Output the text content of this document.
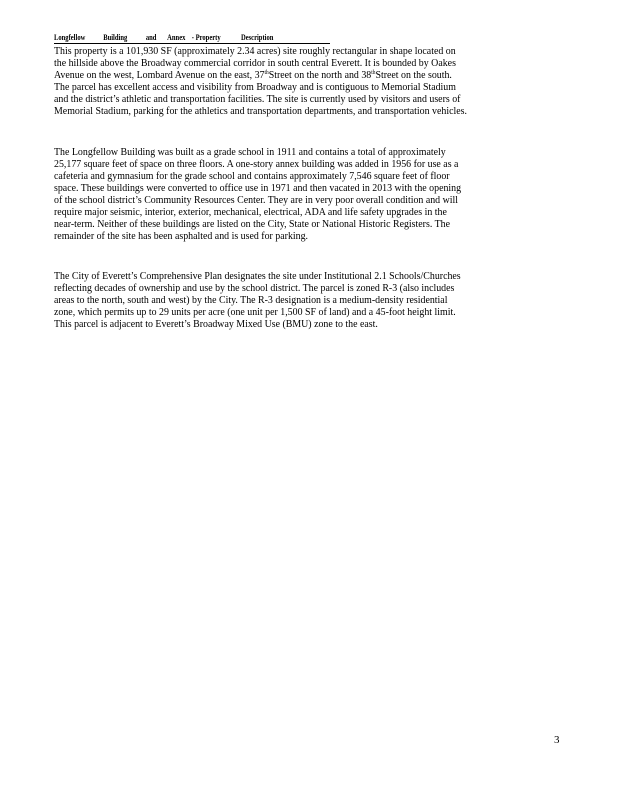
Longfellow Building and Annex - Property	Description
This property is a 101,930 SF (approximately 2.34 acres) site roughly rectangular in shape located on
the hillside above the Broadway commercial corridor in south central Everett. It is bounded by Oakes
Avenue on the west, Lombard Avenue on the east, 37thStreet on the north and 38thStreet on the south.
The parcel has excellent access and visibility from Broadway and is contiguous to Memorial Stadium
and the district’s athletic and transportation facilities. The site is currently used by visitors and users of
Memorial Stadium, parking for the athletics and transportation departments, and transportation vehicles.
The Longfellow Building was built as a grade school in 1911 and contains a total of approximately
25,177 square feet of space on three floors. A one-story annex building was added in 1956 for use as a
cafeteria and gymnasium for the grade school and contains approximately 7,546 square feet of floor
space. These buildings were converted to office use in 1971 and then vacated in 2013 with the opening
of the school district’s Community Resources Center. They are in very poor overall condition and will
require major seismic, interior, exterior, mechanical, electrical, ADA and life safety upgrades in the
near-term. Neither of these buildings are listed on the City, State or National Historic Registers. The
remainder of the site has been asphalted and is used for parking.
The City of Everett’s Comprehensive Plan designates the site under Institutional 2.1 Schools/Churches
reflecting decades of ownership and use by the school district. The parcel is zoned R-3 (also includes
areas to the north, south and west) by the City. The R-3 designation is a medium-density residential
zone, which permits up to 29 units per acre (one unit per 1,500 SF of land) and a 45-foot height limit.
This parcel is adjacent to Everett’s Broadway Mixed Use (BMU) zone to the east.
3
